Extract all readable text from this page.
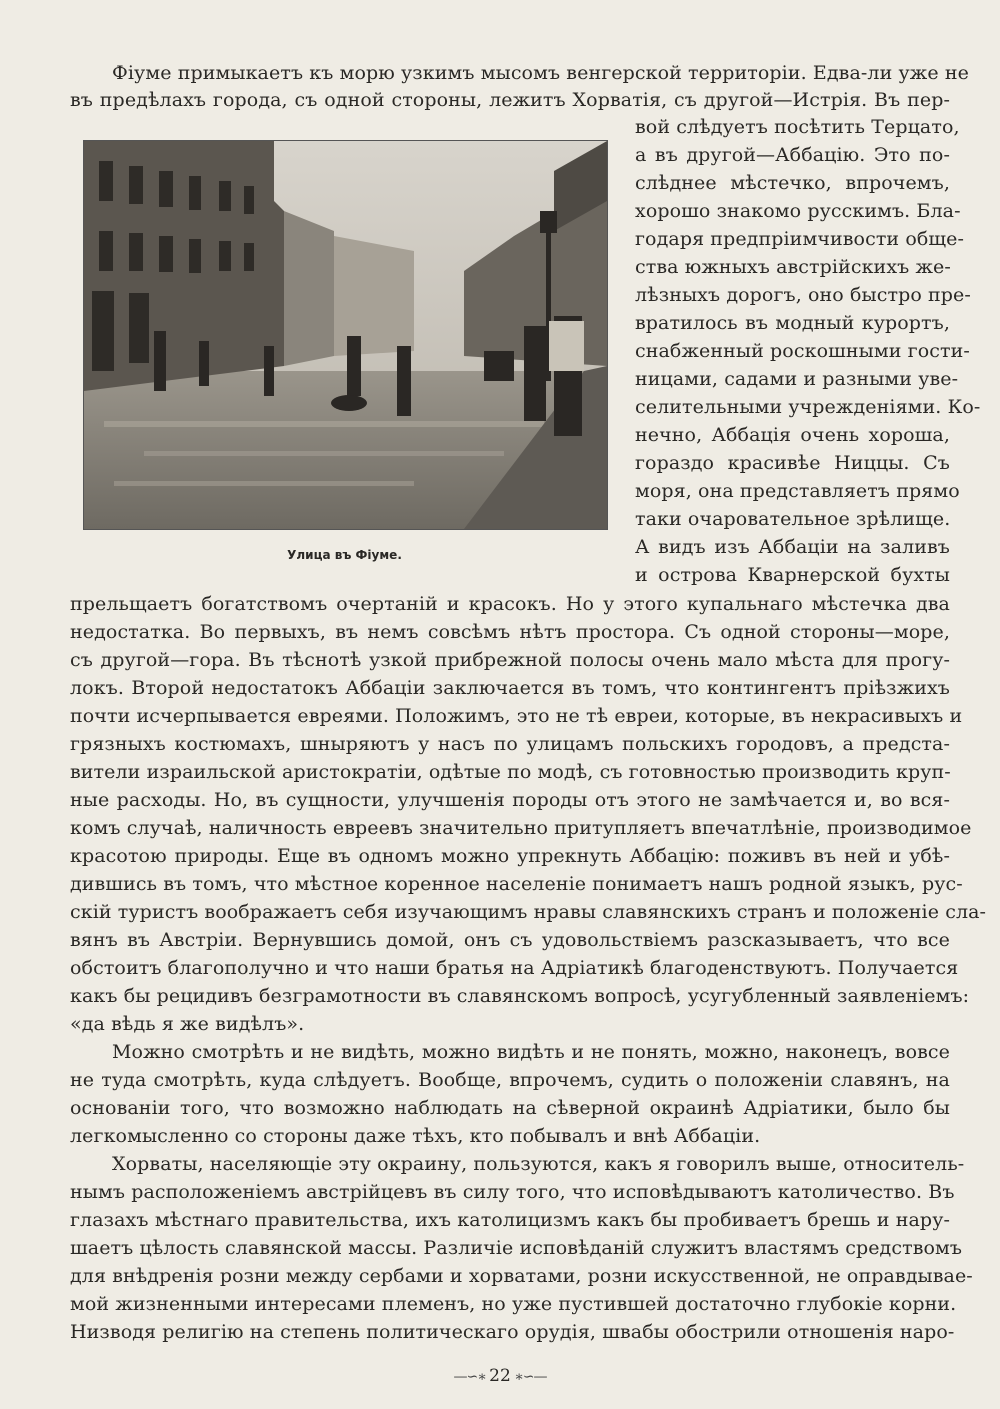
Фіуме примыкаетъ къ морю узкимъ мысомъ венгерской территоріи. Едва-ли уже не
въ предѣлахъ города, съ одной стороны, лежитъ Хорватія, съ другой—Истрія. Въ пер-
Улица въ Фіуме.
вой слѣдуетъ посѣтить Терцато,
а въ другой—Аббацію. Это по-
слѣднее мѣстечко, впрочемъ,
хорошо знакомо русскимъ. Бла-
годаря предпріимчивости обще-
ства южныхъ австрійскихъ же-
лѣзныхъ дорогъ, оно быстро пре-
вратилось въ модный курортъ,
снабженный роскошными гости-
ницами, садами и разными уве-
селительными учрежденіями. Ко-
нечно, Аббація очень хороша,
гораздо красивѣе Ниццы. Съ
моря, она представляетъ прямо
таки очаровательное зрѣлище.
А видъ изъ Аббаціи на заливъ
и острова Кварнерской бухты
прельщаетъ богатствомъ очертаній и красокъ. Но у этого купальнаго мѣстечка два
недостатка. Во первыхъ, въ немъ совсѣмъ нѣтъ простора. Съ одной стороны—море,
съ другой—гора. Въ тѣснотѣ узкой прибрежной полосы очень мало мѣста для прогу-
локъ. Второй недостатокъ Аббаціи заключается въ томъ, что контингентъ пріѣзжихъ
почти исчерпывается евреями. Положимъ, это не тѣ евреи, которые, въ некрасивыхъ и
грязныхъ костюмахъ, шныряютъ у насъ по улицамъ польскихъ городовъ, а предста-
вители израильской аристократіи, одѣтые по модѣ, съ готовностью производить круп-
ные расходы. Но, въ сущности, улучшенія породы отъ этого не замѣчается и, во вся-
комъ случаѣ, наличность евреевъ значительно притупляетъ впечатлѣніе, производимое
красотою природы. Еще въ одномъ можно упрекнуть Аббацію: поживъ въ ней и убѣ-
дившись въ томъ, что мѣстное коренное населеніе понимаетъ нашъ родной языкъ, рус-
скій туристъ воображаетъ себя изучающимъ нравы славянскихъ странъ и положеніе сла-
вянъ въ Австріи. Вернувшись домой, онъ съ удовольствіемъ разсказываетъ, что все
обстоитъ благополучно и что наши братья на Адріатикѣ благоденствуютъ. Получается
какъ бы рецидивъ безграмотности въ славянскомъ вопросѣ, усугубленный заявленіемъ:
«да вѣдь я же видѣлъ».
Можно смотрѣть и не видѣть, можно видѣть и не понять, можно, наконецъ, вовсе
не туда смотрѣть, куда слѣдуетъ. Вообще, впрочемъ, судить о положеніи славянъ, на
основаніи того, что возможно наблюдать на сѣверной окраинѣ Адріатики, было бы
легкомысленно со стороны даже тѣхъ, кто побывалъ и внѣ Аббаціи.
Хорваты, населяющіе эту окраину, пользуются, какъ я говорилъ выше, относитель-
нымъ расположеніемъ австрійцевъ въ силу того, что исповѣдываютъ католичество. Въ
глазахъ мѣстнаго правительства, ихъ католицизмъ какъ бы пробиваетъ брешь и нару-
шаетъ цѣлость славянской массы. Различіе исповѣданій служитъ властямъ средствомъ
для внѣдренія розни между сербами и хорватами, розни искусственной, не оправдывае-
мой жизненными интересами племенъ, но уже пустившей достаточно глубокіе корни.
Низводя религію на степень политическаго орудія, швабы обострили отношенія наро-
—∽∗ 22 ∗∽—
